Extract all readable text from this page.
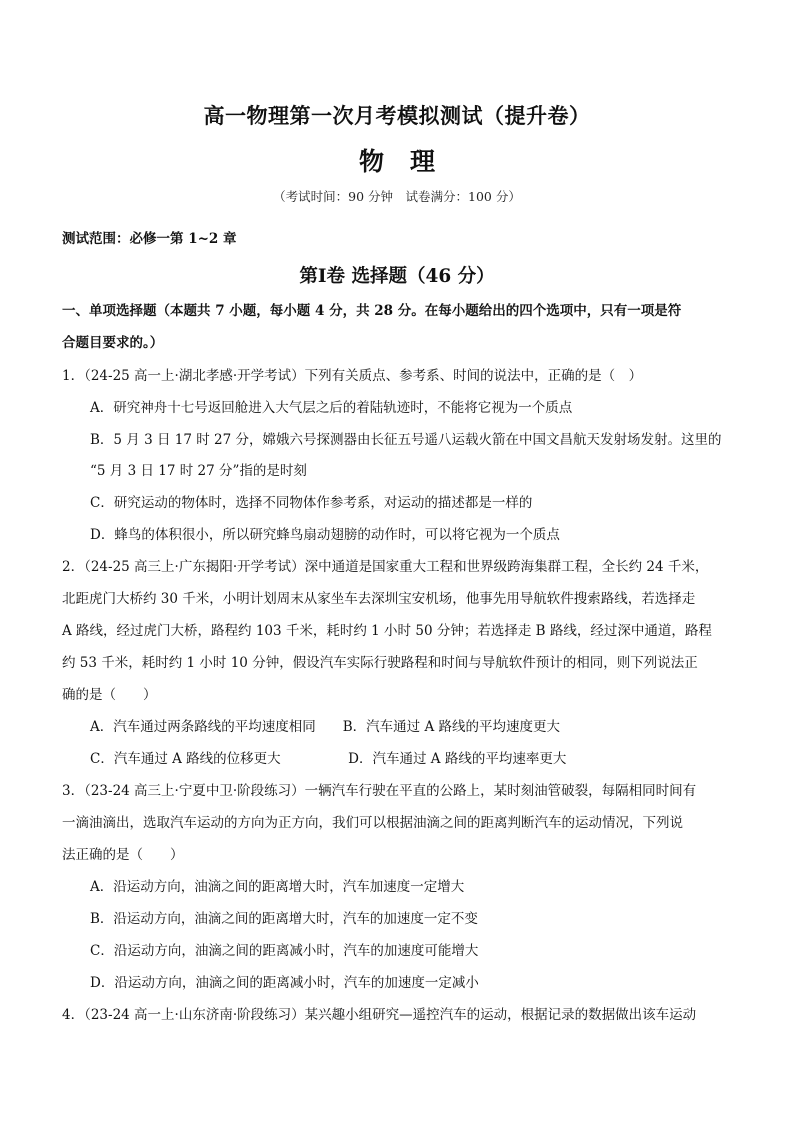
高一物理第一次月考模拟测试（提升卷）
物理
（考试时间：90 分钟　试卷满分：100 分）
测试范围：必修一第 1~2 章
第Ⅰ卷 选择题（46 分）
一、单项选择题（本题共 7 小题，每小题 4 分，共 28 分。在每小题给出的四个选项中，只有一项是符
合题目要求的。）
1．（24-25 高一上·湖北孝感·开学考试）下列有关质点、参考系、时间的说法中，正确的是（　）
A．研究神舟十七号返回舱进入大气层之后的着陆轨迹时，不能将它视为一个质点
B．5 月 3 日 17 时 27 分，嫦娥六号探测器由长征五号遥八运载火箭在中国文昌航天发射场发射。这里的
“5 月 3 日 17 时 27 分”指的是时刻
C．研究运动的物体时，选择不同物体作参考系，对运动的描述都是一样的
D．蜂鸟的体积很小，所以研究蜂鸟扇动翅膀的动作时，可以将它视为一个质点
2．（24-25 高三上·广东揭阳·开学考试）深中通道是国家重大工程和世界级跨海集群工程，全长约 24 千米，
北距虎门大桥约 30 千米，小明计划周末从家坐车去深圳宝安机场，他事先用导航软件搜索路线，若选择走
A 路线，经过虎门大桥，路程约 103 千米，耗时约 1 小时 50 分钟；若选择走 B 路线，经过深中通道，路程
约 53 千米，耗时约 1 小时 10 分钟，假设汽车实际行驶路程和时间与导航软件预计的相同，则下列说法正
确的是（　　）
A．汽车通过两条路线的平均速度相同　　B．汽车通过 A 路线的平均速度更大
C．汽车通过 A 路线的位移更大　　　　　D．汽车通过 A 路线的平均速率更大
3．（23-24 高三上·宁夏中卫·阶段练习）一辆汽车行驶在平直的公路上，某时刻油管破裂，每隔相同时间有
一滴油滴出，选取汽车运动的方向为正方向，我们可以根据油滴之间的距离判断汽车的运动情况，下列说
法正确的是（　　）
A．沿运动方向，油滴之间的距离增大时，汽车加速度一定增大
B．沿运动方向，油滴之间的距离增大时，汽车的加速度一定不变
C．沿运动方向，油滴之间的距离减小时，汽车的加速度可能增大
D．沿运动方向，油滴之间的距离减小时，汽车的加速度一定减小
4．（23-24 高一上·山东济南·阶段练习）某兴趣小组研究—遥控汽车的运动，根据记录的数据做出该车运动
